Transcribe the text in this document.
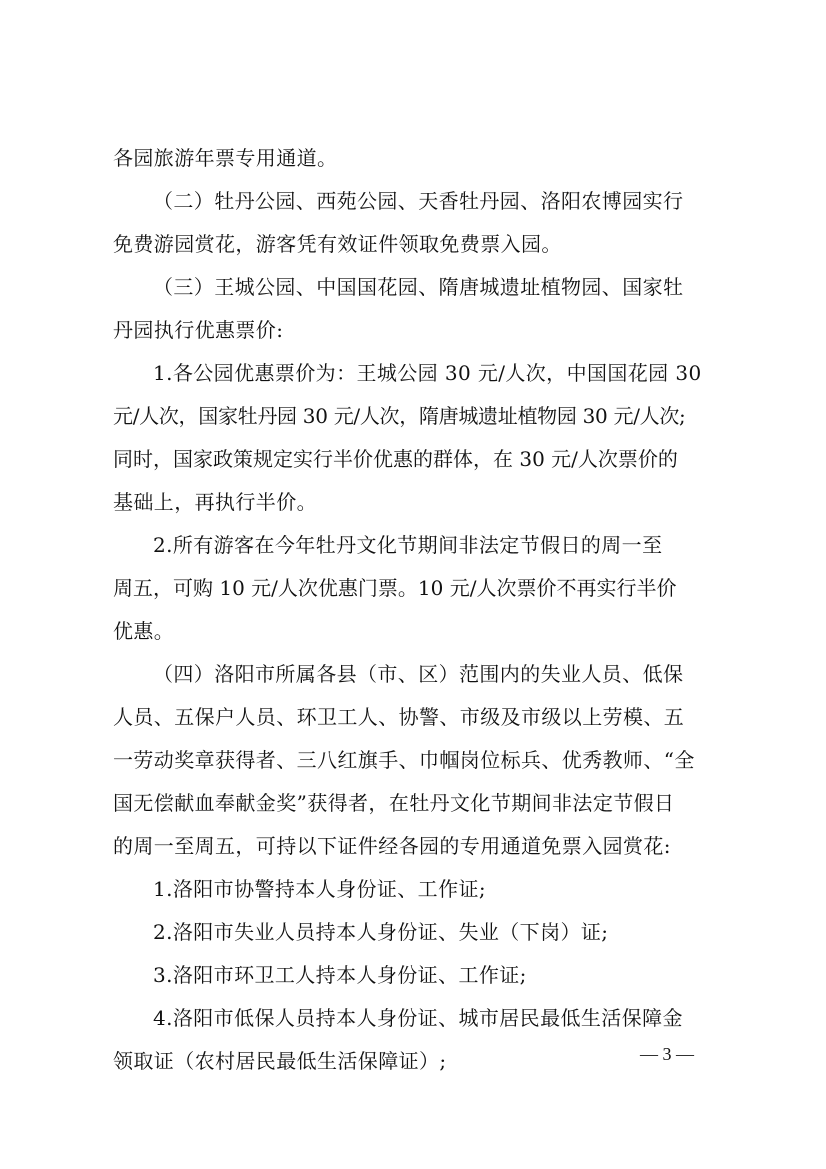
各园旅游年票专用通道。
（二）牡丹公园、西苑公园、天香牡丹园、洛阳农博园实行
免费游园赏花，游客凭有效证件领取免费票入园。
（三）王城公园、中国国花园、隋唐城遗址植物园、国家牡
丹园执行优惠票价:
1.各公园优惠票价为：王城公园 30 元/人次，中国国花园 30
元/人次，国家牡丹园 30 元/人次，隋唐城遗址植物园 30 元/人次;
同时，国家政策规定实行半价优惠的群体，在 30 元/人次票价的
基础上，再执行半价。
2.所有游客在今年牡丹文化节期间非法定节假日的周一至
周五，可购 10 元/人次优惠门票。10 元/人次票价不再实行半价
优惠。
（四）洛阳市所属各县（市、区）范围内的失业人员、低保
人员、五保户人员、环卫工人、协警、市级及市级以上劳模、五
一劳动奖章获得者、三八红旗手、巾帼岗位标兵、优秀教师、“全
国无偿献血奉献金奖”获得者，在牡丹文化节期间非法定节假日
的周一至周五，可持以下证件经各园的专用通道免票入园赏花:
1.洛阳市协警持本人身份证、工作证;
2.洛阳市失业人员持本人身份证、失业（下岗）证;
3.洛阳市环卫工人持本人身份证、工作证;
4.洛阳市低保人员持本人身份证、城市居民最低生活保障金
领取证（农村居民最低生活保障证）;	— 3 —
